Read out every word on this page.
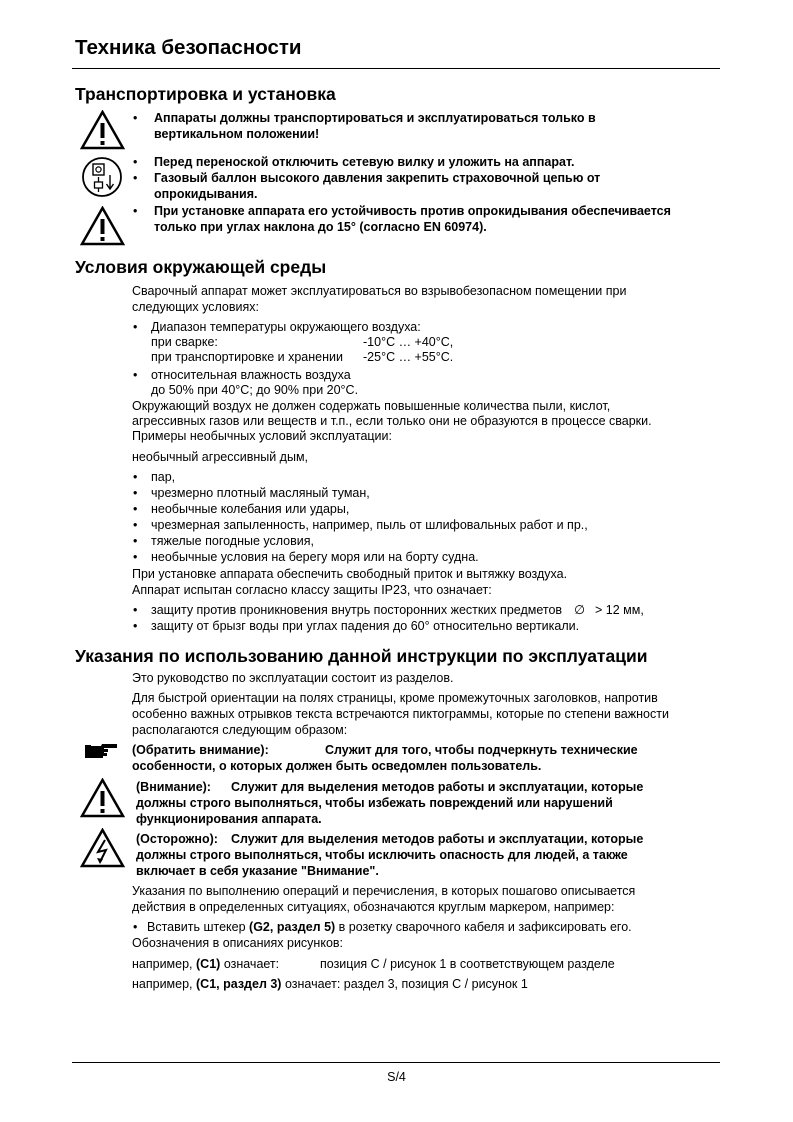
Техника безопасности
Транспортировка и установка
• Аппараты должны транспортироваться и эксплуатироваться только в
вертикальном положении!
• Перед переноской отключить сетевую вилку и уложить на аппарат.
• Газовый баллон высокого давления закрепить страховочной цепью от
опрокидывания.
• При установке аппарата его устойчивость против опрокидывания обеспечивается
только при углах наклона до 15° (согласно EN 60974).
Условия окружающей среды
Сварочный аппарат может эксплуатироваться во взрывобезопасном помещении при
следующих условиях:
• Диапазон температуры окружающего воздуха:
при сварке:	-10°C … +40°C,
при транспортировке и хранении -25°C … +55°C.
• относительная влажность воздуха
до 50% при 40°C; до 90% при 20°C.
Окружающий воздух не должен содержать повышенные количества пыли, кислот,
агрессивных газов или веществ и т.п., если только они не образуются в процессе сварки.
Примеры необычных условий эксплуатации:
необычный агрессивный дым,
• пар,
• чрезмерно плотный масляный туман,
• необычные колебания или удары,
• чрезмерная запыленность, например, пыль от шлифовальных работ и пр.,
• тяжелые погодные условия,
• необычные условия на берегу моря или на борту судна.
При установке аппарата обеспечить свободный приток и вытяжку воздуха.
Аппарат испытан согласно классу защиты IP23, что означает:
• защиту против проникновения внутрь посторонних жестких предметов ∅ > 12 мм,
• защиту от брызг воды при углах падения до 60° относительно вертикали.
Указания по использованию данной инструкции по эксплуатации
Это руководство по эксплуатации состоит из разделов.
Для быстрой ориентации на полях страницы, кроме промежуточных заголовков, напротив
особенно важных отрывков текста встречаются пиктограммы, которые по степени важности
располагаются следующим образом:
(Обратить внимание):	Служит для того, чтобы подчеркнуть технические
особенности, о которых должен быть осведомлен пользователь.
(Внимание): Служит для выделения методов работы и эксплуатации, которые
должны строго выполняться, чтобы избежать повреждений или нарушений
функционирования аппарата.
(Осторожно): Служит для выделения методов работы и эксплуатации, которые
должны строго выполняться, чтобы исключить опасность для людей, а также
включает в себя указание "Внимание".
Указания по выполнению операций и перечисления, в которых пошагово описывается
действия в определенных ситуациях, обозначаются круглым маркером, например:
• Вставить штекер (G2, раздел 5) в розетку сварочного кабеля и зафиксировать его.
Обозначения в описаниях рисунков:
например, (C1) означает:	позиция C / рисунок 1 в соответствующем разделе
например, (C1, раздел 3) означает: раздел 3, позиция C / рисунок 1
S/4
